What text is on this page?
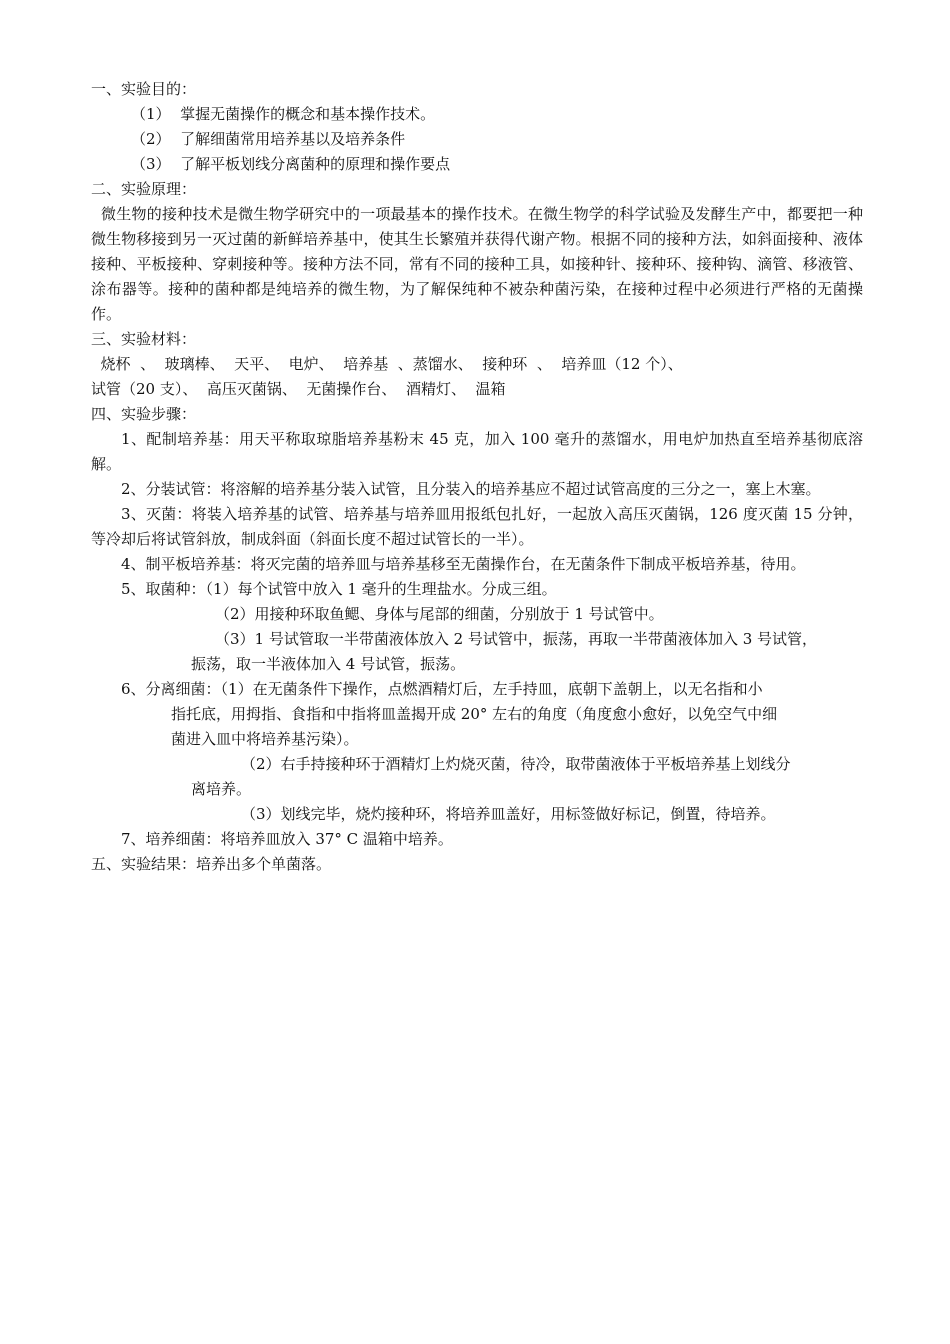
一、实验目的：

（1）  掌握无菌操作的概念和基本操作技术。

（2）  了解细菌常用培养基以及培养条件

（3）  了解平板划线分离菌种的原理和操作要点

二、实验原理：

微生物的接种技术是微生物学研究中的一项最基本的操作技术。在微生物学的科学试验及发酵生产中，都要把一种微生物移接到另一灭过菌的新鲜培养基中，使其生长繁殖并获得代谢产物。根据不同的接种方法，如斜面接种、液体接种、平板接种、穿刺接种等。接种方法不同，常有不同的接种工具，如接种针、接种环、接种钩、滴管、移液管、涂布器等。接种的菌种都是纯培养的微生物，为了解保纯种不被杂种菌污染，在接种过程中必须进行严格的无菌操作。

三、实验材料：

烧杯  、  玻璃棒、  天平、  电炉、  培养基  、蒸馏水、  接种环  、  培养皿（12 个）、

试管（20 支）、  高压灭菌锅、  无菌操作台、  酒精灯、  温箱

四、实验步骤：

1、配制培养基：用天平称取琼脂培养基粉末 45 克，加入 100 毫升的蒸馏水，用电炉加热直至培养基彻底溶解。

2、分装试管：将溶解的培养基分装入试管，且分装入的培养基应不超过试管高度的三分之一，塞上木塞。

3、灭菌：将装入培养基的试管、培养基与培养皿用报纸包扎好，一起放入高压灭菌锅，126 度灭菌 15 分钟，等冷却后将试管斜放，制成斜面（斜面长度不超过试管长的一半）。

4、制平板培养基：将灭完菌的培养皿与培养基移至无菌操作台，在无菌条件下制成平板培养基，待用。

5、取菌种：（1）每个试管中放入 1 毫升的生理盐水。分成三组。

（2）用接种环取鱼鳃、身体与尾部的细菌，分别放于 1 号试管中。

（3）1 号试管取一半带菌液体放入 2 号试管中，振荡，再取一半带菌液体加入 3 号试管，

振荡，取一半液体加入 4 号试管，振荡。

6、分离细菌：（1）在无菌条件下操作，点燃酒精灯后，左手持皿，底朝下盖朝上，以无名指和小

指托底，用拇指、食指和中指将皿盖揭开成 20° 左右的角度（角度愈小愈好，以免空气中细

菌进入皿中将培养基污染）。

（2）右手持接种环于酒精灯上灼烧灭菌，待冷，取带菌液体于平板培养基上划线分

离培养。

（3）划线完毕，烧灼接种环，将培养皿盖好，用标签做好标记，倒置，待培养。

7、培养细菌：将培养皿放入 37° C 温箱中培养。

五、实验结果：培养出多个单菌落。
